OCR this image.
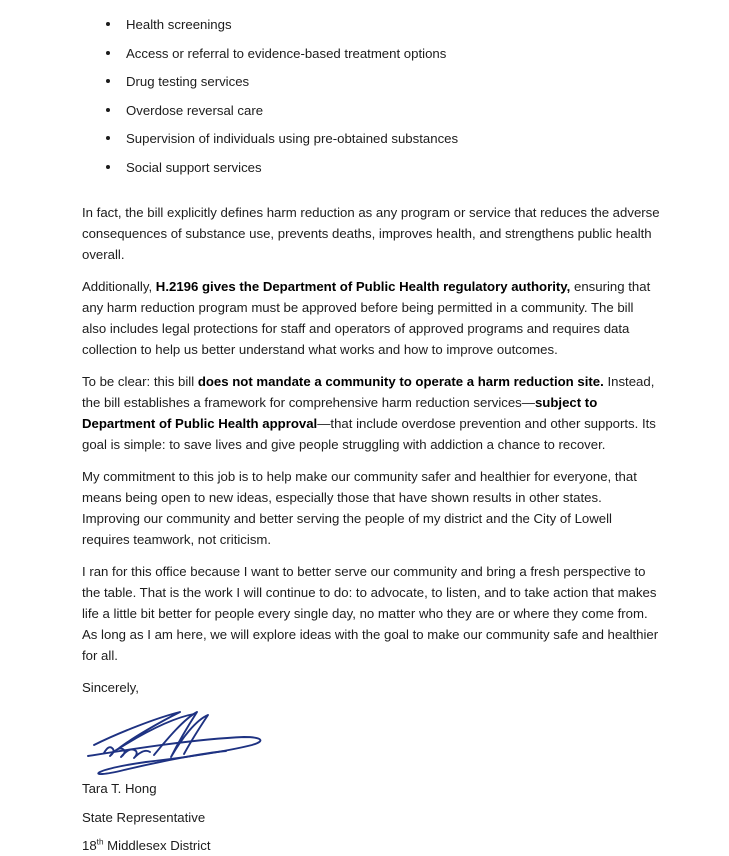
Health screenings
Access or referral to evidence-based treatment options
Drug testing services
Overdose reversal care
Supervision of individuals using pre-obtained substances
Social support services

In fact, the bill explicitly defines harm reduction as any program or service that reduces the adverse consequences of substance use, prevents deaths, improves health, and strengthens public health overall.

Additionally, H.2196 gives the Department of Public Health regulatory authority, ensuring that any harm reduction program must be approved before being permitted in a community. The bill also includes legal protections for staff and operators of approved programs and requires data collection to help us better understand what works and how to improve outcomes.

To be clear: this bill does not mandate a community to operate a harm reduction site. Instead, the bill establishes a framework for comprehensive harm reduction services—subject to Department of Public Health approval—that include overdose prevention and other supports. Its goal is simple: to save lives and give people struggling with addiction a chance to recover.

My commitment to this job is to help make our community safer and healthier for everyone, that means being open to new ideas, especially those that have shown results in other states. Improving our community and better serving the people of my district and the City of Lowell requires teamwork, not criticism.

I ran for this office because I want to better serve our community and bring a fresh perspective to the table. That is the work I will continue to do: to advocate, to listen, and to take action that makes life a little bit better for people every single day, no matter who they are or where they come from. As long as I am here, we will explore ideas with the goal to make our community safe and healthier for all.

Sincerely,

Tara T. Hong

State Representative

18th Middlesex District
